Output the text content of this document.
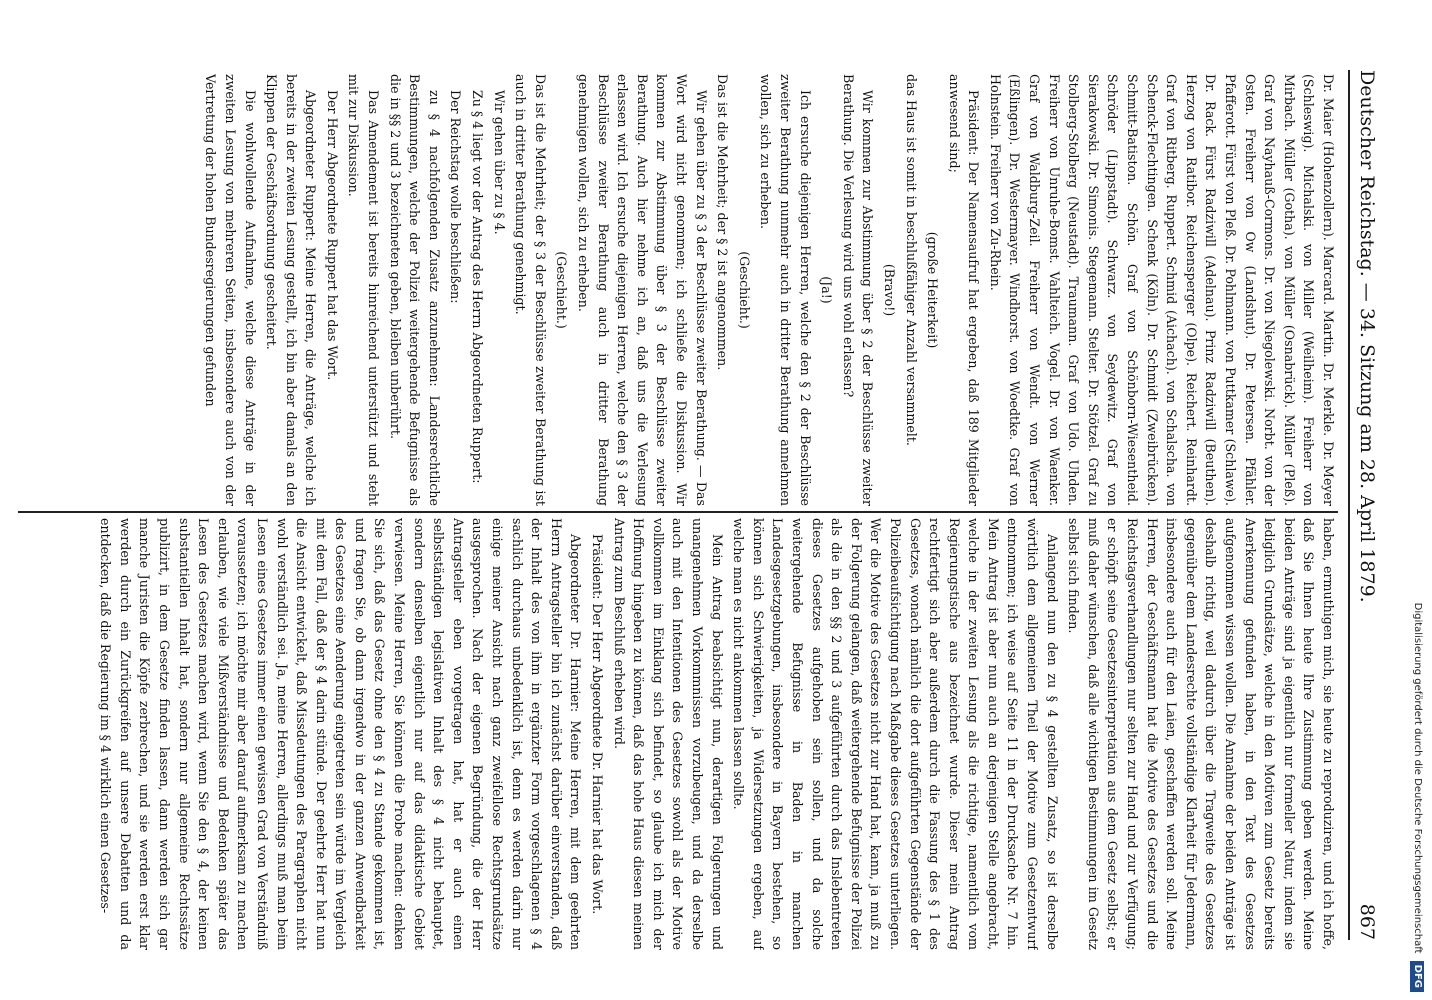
Deutscher Reichstag. — 34. Sitzung am 28. April 1879.
867

Dr. Maier (Hohenzollern). Marcard. Martin. Dr. Merkle. Dr. Meyer (Schleswig). Michalski. von Miller (Weilheim). Freiherr von Mirbach. Müller (Gotha). von Müller (Osnabrück). Müller (Pleß). Graf von Nayhauß-Cormons. Dr. von Niegolewski. Norbt. von der Osten. Freiherr von Ow (Landshut). Dr. Petersen. Pfähler. Pfafferott. Fürst von Pleß. Dr. Pohlmann. von Puttkamer (Schlawe). Dr. Rack. Fürst Radziwill (Adelnau). Prinz Radziwill (Beuthen). Herzog von Ratibor. Reichensperger (Olpe). Reichert. Reinhardt. Graf von Ritberg. Ruppert. Schmid (Aichach). von Schalscha. von Schenck-Flechtingen. Schenk (Köln). Dr. Schmidt (Zweibrücken). Schmitt-Batiston. Schön. Graf von Schönborn-Wiesentheid. Schröder (Lippstadt). Schwarz. von Seydewitz. Graf von Sierakowski. Dr. Simonis. Stegemann. Stelter. Dr. Stötzel. Graf zu Stolberg-Stolberg (Neustadt). Traumann. Graf von Udo. Uhden. Freiherr von Unruhe-Bomst. Vahlteich. Vogel. Dr. von Waenker. Graf von Waldburg-Zeil. Freiherr von Wendt. von Werner (Eßlingen). Dr. Westermayer. Windhorst. von Woedtke. Graf von Holnstein. Freiherr von Zu-Rhein.

Präsident: Der Namensaufruf hat ergeben, daß 189 Mitglieder anwesend sind;

(große Heiterkeit)

das Haus ist somit in beschlußfähiger Anzahl versammelt.

(Bravo!)

Wir kommen zur Abstimmung über § 2 der Beschlüsse zweiter Berathung. Die Verlesung wird uns wohl erlassen?

(Ja!)

Ich ersuche diejenigen Herren, welche den § 2 der Beschlüsse zweiter Berathung nunmehr auch in dritter Berathung annehmen wollen, sich zu erheben.

(Geschieht.)

Das ist die Mehrheit; der § 2 ist angenommen.

Wir gehen über zu § 3 der Beschlüsse zweiter Berathung. — Das Wort wird nicht genommen; ich schließe die Diskussion. Wir kommen zur Abstimmung über § 3 der Beschlüsse zweiter Berathung. Auch hier nehme ich an, daß uns die Verlesung erlassen wird. Ich ersuche diejenigen Herren, welche den § 3 der Beschlüsse zweiter Berathung auch in dritter Berathung genehmigen wollen, sich zu erheben.

(Geschieht.)

Das ist die Mehrheit; der § 3 der Beschlüsse zweiter Berathung ist auch in dritter Berathung genehmigt.

Wir gehen über zu § 4.

Zu § 4 liegt vor der Antrag des Herrn Abgeordneten Ruppert:

Der Reichstag wolle beschließen:

zu § 4 nachfolgenden Zusatz anzunehmen: Landesrechtliche Bestimmungen, welche der Polizei weitergehende Befugnisse als die in §§ 2 und 3 bezeichneten geben, bleiben unberührt.

Das Amendement ist bereits hinreichend unterstützt und steht mit zur Diskussion.

Der Herr Abgeordnete Ruppert hat das Wort.

Abgeordneter Ruppert: Meine Herren, die Anträge, welche ich bereits in der zweiten Lesung gestellt, ich bin aber damals an den Klippen der Geschäftsordnung gescheitert.

Die wohlwollende Aufnahme, welche diese Anträge in der zweiten Lesung von mehreren Seiten, insbesondere auch von der Vertretung der hohen Bundesregierungen gefunden

haben, ermuthigen mich, sie heute zu reproduziren, und ich hoffe, daß Sie Ihnen heute Ihre Zustimmung geben werden. Meine beiden Anträge sind ja eigentlich nur formeller Natur, indem sie lediglich Grundsätze, welche in den Motiven zum Gesetz bereits Anerkennung gefunden haben, in den Text des Gesetzes aufgenommen wissen wollen. Die Annahme der beiden Anträge ist deshalb richtig, weil dadurch über die Tragweite des Gesetzes gegenüber dem Landesrechte vollständige Klarheit für Jedermann, insbesondere auch für den Laien, geschaffen werden soll. Meine Herren, der Geschäftsmann hat die Motive des Gesetzes und die Reichstagsverhandlungen nur selten zur Hand und zur Verfügung; er schöpft seine Gesetzesinterpretation aus dem Gesetz selbst; er muß daher wünschen, daß alle wichtigen Bestimmungen im Gesetz selbst sich finden.

Anlangend nun den zu § 4 gestellten Zusatz, so ist derselbe wörtlich dem allgemeinen Theil der Motive zum Gesetzentwurf entnommen; ich weise auf Seite 11 in der Drucksache Nr. 7 hin. Mein Antrag ist aber nun auch an derjenigen Stelle angebracht, welche in der zweiten Lesung als die richtige, namentlich vom Regierungstische aus bezeichnet wurde. Dieser mein Antrag rechtfertigt sich aber außerdem durch die Fassung des § 1 des Gesetzes, wonach nämlich die dort aufgeführten Gegenstände der Polizeibeaufsichtigung nach Maßgabe dieses Gesetzes unterliegen. Wer die Motive des Gesetzes nicht zur Hand hat, kann, ja muß zu der Folgerung gelangen, daß weitergehende Befugnisse der Polizei als die in den §§ 2 und 3 aufgeführten durch das Inslebentreten dieses Gesetzes aufgehoben sein sollen, und da solche weitergehende Befugnisse in Baden in manchen Landesgesetzgebungen, insbesondere in Bayern bestehen, so können sich Schwierigkeiten, ja Widersetzungen ergeben, auf welche man es nicht ankommen lassen sollte.

Mein Antrag beabsichtigt nun, derartigen Folgerungen und unangenehmen Vorkommnissen vorzubeugen, und da derselbe auch mit den Intentionen des Gesetzes sowohl als der Motive vollkommen im Einklang sich befindet, so glaube ich mich der Hoffnung hingeben zu können, daß das hohe Haus diesen meinen Antrag zum Beschluß erheben wird.

Präsident: Der Herr Abgeordnete Dr. Harnier hat das Wort.

Abgeordneter Dr. Harnier: Meine Herren, mit dem geehrten Herrn Antragsteller bin ich zunächst darüber einverstanden, daß der Inhalt des von ihm in ergänzter Form vorgeschlagenen § 4 sachlich durchaus unbedenklich ist, denn es werden darin nur einige meiner Ansicht nach ganz zweifellose Rechtsgrundsätze ausgesprochen. Nach der eigenen Begründung, die der Herr Antragsteller eben vorgetragen hat, hat er auch einen selbstständigen legislativen Inhalt des § 4 nicht behauptet, sondern denselben eigentlich nur auf das didaktische Gebiet verwiesen. Meine Herren, Sie können die Probe machen: denken Sie sich, daß das Gesetz ohne den § 4 zu Stande gekommen ist, und fragen Sie, ob dann irgendwo in der ganzen Anwendbarkeit des Gesetzes eine Aenderung eingetreten sein würde im Vergleich mit dem Fall, daß der § 4 darin stünde. Der geehrte Herr hat nun die Ansicht entwickelt, daß Missdeutungen des Paragraphen nicht wohl verständlich sei. Ja, meine Herren, allerdings muß man beim Lesen eines Gesetzes immer einen gewissen Grad von Verständniß voraussetzen; ich möchte mir aber darauf aufmerksam zu machen erlauben, wie viele Mißverständnisse und Bedenken später das Lesen des Gesetzes machen wird, wenn Sie den § 4, der keinen substantiellen Inhalt hat, sondern nur allgemeine Rechtssätze publizirt, in dem Gesetze finden lassen, dann werden sich gar manche Juristen die Köpfe zerbrechen, und sie werden erst klar werden durch ein Zurückgreifen auf unsere Debatten und da entdecken, daß die Regierung im § 4 wirklich einen Gesetzes-	Digitalisierung gefördert durch die Deutsche Forschungsgemeinschaft DFG
